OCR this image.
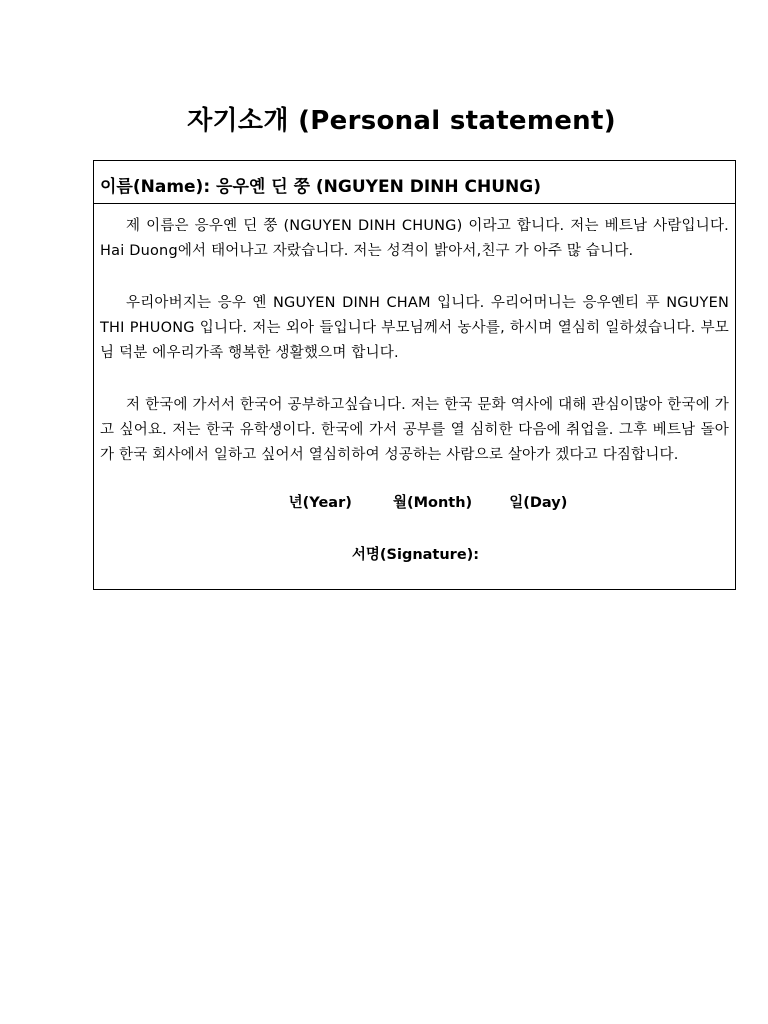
자기소개 (Personal statement)
이름(Name): 응우옌 딘 쭝 (NGUYEN DINH CHUNG)

제 이름은 응우옌 딘 쭝 (NGUYEN DINH CHUNG) 이라고 합니다. 저는 베트남 사람입니다. Hai Duong에서 태어나고 자랐습니다. 저는 성격이 밝아서,친구 가 아주 많 습니다.

우리아버지는 응우 옌 NGUYEN DINH CHAM 입니다. 우리어머니는 응우옌티 푸 NGUYEN THI PHUONG 입니다. 저는 외아 들입니다 부모님께서 농사를, 하시며 열심히 일하셨습니다. 부모님 덕분 에우리가족 행복한 생활했으며 합니다.

저 한국에 가서서 한국어 공부하고싶습니다. 저는 한국 문화 역사에 대해 관심이많아 한국에 가고 싶어요. 저는 한국 유학생이다. 한국에 가서 공부를 열 심히한 다음에 취업을. 그후 베트남 돌아가 한국 회사에서 일하고 싶어서 열심히하여 성공하는 사람으로 살아가 겠다고 다짐합니다.

년(Year)	월(Month)	일(Day)
서명(Signature):
